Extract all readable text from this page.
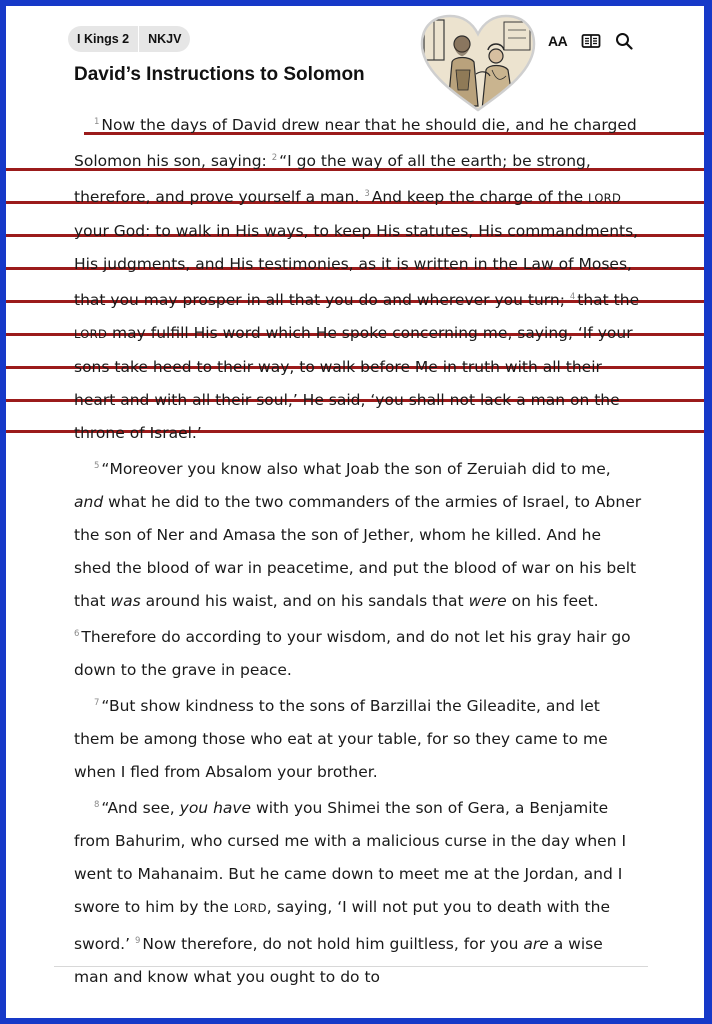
I Kings 2	NKJV	AA
David’s Instructions to Solomon

$^1$ Now the days of David drew near that he should die, and he charged Solomon his son, saying: $^2$ “I go the way of all the earth; be strong, therefore, and prove yourself a man. $^3$ And keep the charge of the LORD your God: to walk in His ways, to keep His statutes, His commandments, His judgments, and His testimonies, as it is written in the Law of Moses, that you may prosper in all that you do and wherever you turn; $^4$ that the LORD may fulfill His word which He spoke concerning me, saying, ‘If your sons take heed to their way, to walk before Me in truth with all their heart and with all their soul,’ He said, ‘you shall not lack a man on the throne of Israel.’

$^5$ “Moreover you know also what Joab the son of Zeruiah did to me, and what he did to the two commanders of the armies of Israel, to Abner the son of Ner and Amasa the son of Jether, whom he killed. And he shed the blood of war in peacetime, and put the blood of war on his belt that was around his waist, and on his sandals that were on his feet. $^6$ Therefore do according to your wisdom, and do not let his gray hair go down to the grave in peace.

$^7$ “But show kindness to the sons of Barzillai the Gileadite, and let them be among those who eat at your table, for so they came to me when I fled from Absalom your brother.

$^8$ “And see, you have with you Shimei the son of Gera, a Benjamite from Bahurim, who cursed me with a malicious curse in the day when I went to Mahanaim. But he came down to meet me at the Jordan, and I swore to him by the LORD, saying, ‘I will not put you to death with the sword.’ $^9$ Now therefore, do not hold him guiltless, for you are a wise man and know what you ought to do to
